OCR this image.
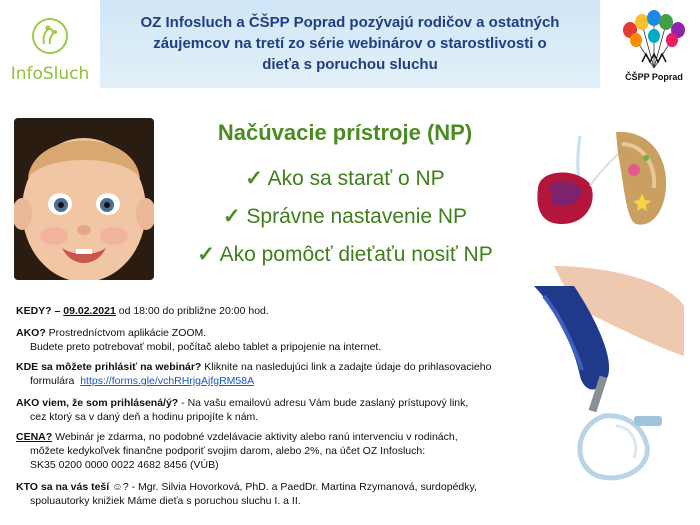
OZ Infosluch a ČŠPP Poprad pozývajú rodičov a ostatných
záujemcov na tretí zo série webinárov o starostlivosti o
dieťa s poruchou sluchu
InfoSluch	ČŠPP Poprad
Načúvacie prístroje (NP)
✓ Ako sa starať o NP
✓ Správne nastavenie NP
✓ Ako pomôcť dieťaťu nosiť NP
KEDY? – 09.02.2021 od 18:00 do približne 20:00 hod.
AKO? Prostredníctvom aplikácie ZOOM.
Budete preto potrebovať mobil, počítač alebo tablet a pripojenie na internet.
KDE sa môžete prihlásiť na webinár? Kliknite na nasledujúci link a zadajte údaje do prihlasovacieho
formulára https://forms.gle/vchRHrjgAjfgRM58A
AKO viem, že som prihlásená/ý? - Na vašu emailovú adresu Vám bude zaslaný prístupový link,
cez ktorý sa v daný deň a hodinu pripojíte k nám.
CENA? Webinár je zdarma, no podobné vzdelávacie aktivity alebo ranú intervenciu v rodinách,
môžete kedykoľvek finančne podporiť svojim darom, alebo 2%, na účet OZ Infosluch:
SK35 0200 0000 0022 4682 8456 (VÚB)
KTO sa na vás teší ☺? - Mgr. Silvia Hovorková, PhD. a PaedDr. Martina Rzymanová, surdopédky,
spoluautorky knižiek Máme dieťa s poruchou sluchu I. a II.
